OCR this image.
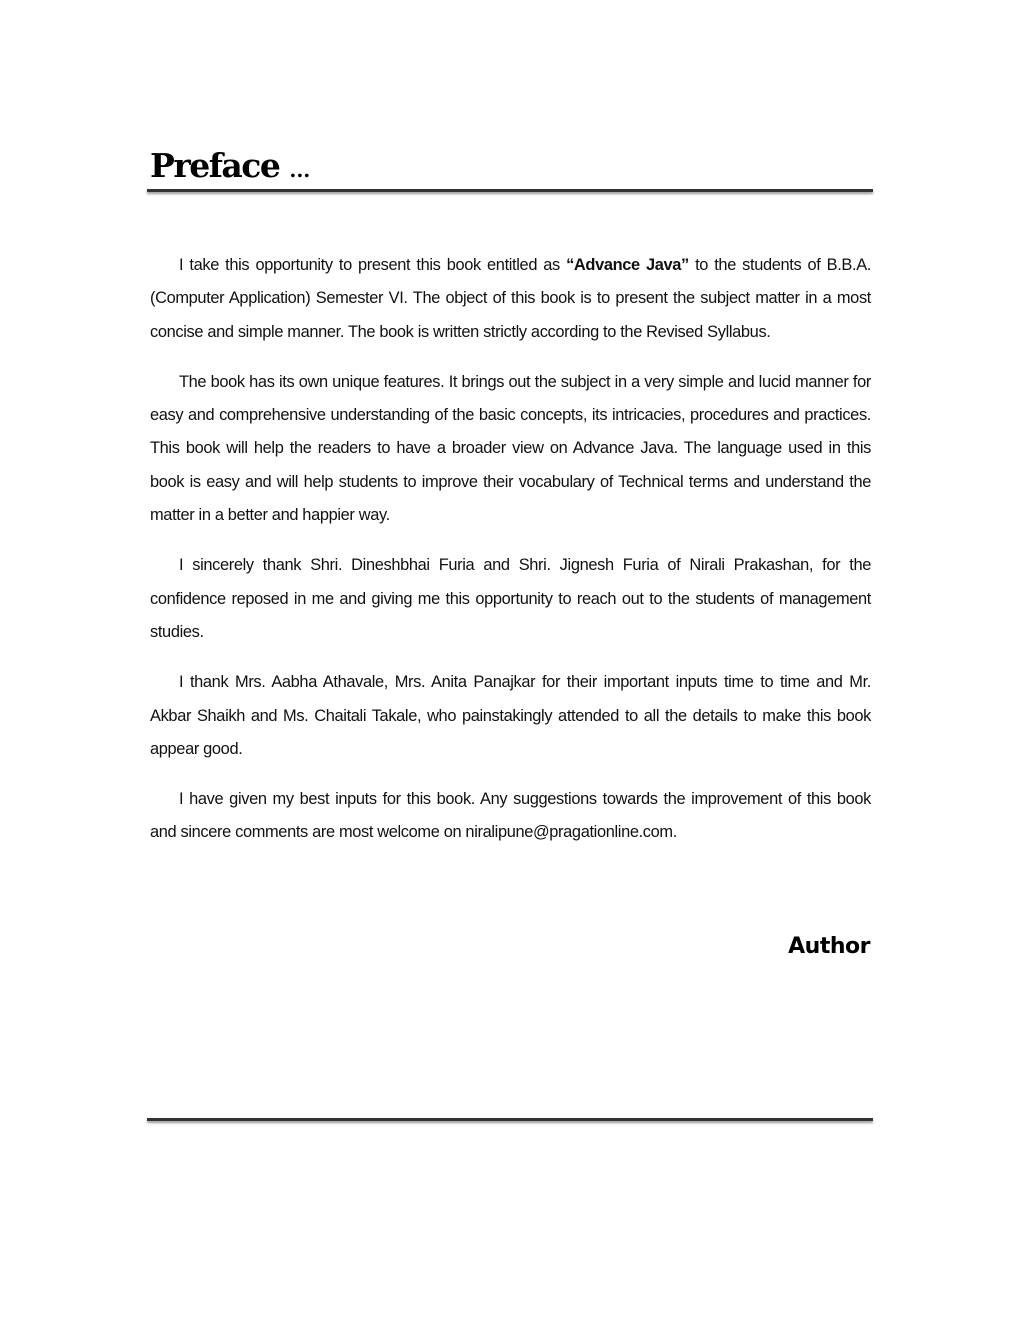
Preface ...

I take this opportunity to present this book entitled as “Advance Java” to the students of B.B.A. (Computer Application) Semester VI. The object of this book is to present the subject matter in a most concise and simple manner. The book is written strictly according to the Revised Syllabus.

The book has its own unique features. It brings out the subject in a very simple and lucid manner for easy and comprehensive understanding of the basic concepts, its intricacies, procedures and practices. This book will help the readers to have a broader view on Advance Java. The language used in this book is easy and will help students to improve their vocabulary of Technical terms and understand the matter in a better and happier way.

I sincerely thank Shri. Dineshbhai Furia and Shri. Jignesh Furia of Nirali Prakashan, for the confidence reposed in me and giving me this opportunity to reach out to the students of management studies.

I thank Mrs. Aabha Athavale, Mrs. Anita Panajkar for their important inputs time to time and Mr. Akbar Shaikh and Ms. Chaitali Takale, who painstakingly attended to all the details to make this book appear good.

I have given my best inputs for this book. Any suggestions towards the improvement of this book and sincere comments are most welcome on niralipune@pragationline.com.

Author
